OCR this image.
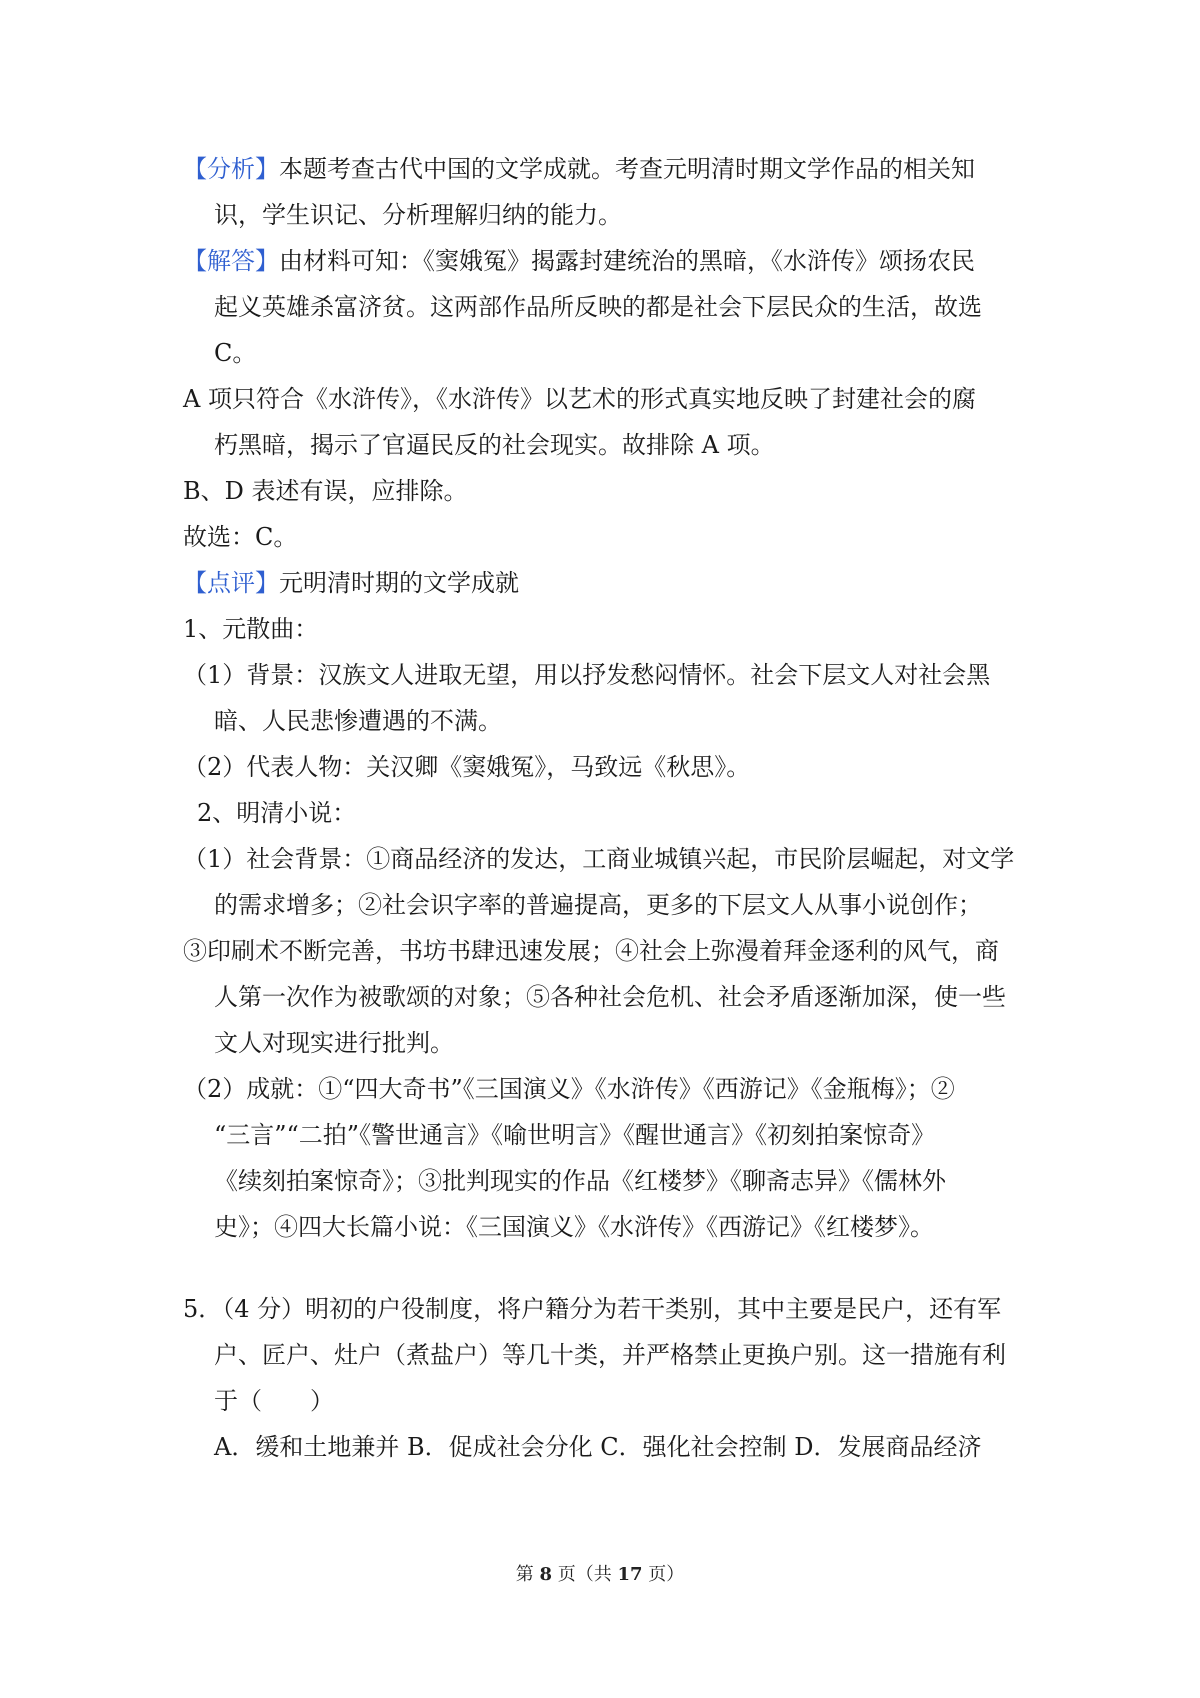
【分析】本题考查古代中国的文学成就。考查元明清时期文学作品的相关知
识，学生识记、分析理解归纳的能力。
【解答】由材料可知：《窦娥冤》揭露封建统治的黑暗，《水浒传》颂扬农民
起义英雄杀富济贫。这两部作品所反映的都是社会下层民众的生活，故选
C。
A 项只符合《水浒传》，《水浒传》以艺术的形式真实地反映了封建社会的腐
朽黑暗，揭示了官逼民反的社会现实。故排除 A 项。
B、D 表述有误，应排除。
故选：C。
【点评】元明清时期的文学成就
1、元散曲：
（1）背景：汉族文人进取无望，用以抒发愁闷情怀。社会下层文人对社会黑
暗、人民悲惨遭遇的不满。
（2）代表人物：关汉卿《窦娥冤》，马致远《秋思》。
2、明清小说：
（1）社会背景：①商品经济的发达，工商业城镇兴起，市民阶层崛起，对文学
的需求增多；②社会识字率的普遍提高，更多的下层文人从事小说创作；
③印刷术不断完善，书坊书肆迅速发展；④社会上弥漫着拜金逐利的风气，商
人第一次作为被歌颂的对象；⑤各种社会危机、社会矛盾逐渐加深，使一些
文人对现实进行批判。
（2）成就：①“四大奇书”《三国演义》《水浒传》《西游记》《金瓶梅》；②
“三言”“二拍”《警世通言》《喻世明言》《醒世通言》《初刻拍案惊奇》
《续刻拍案惊奇》；③批判现实的作品《红楼梦》《聊斋志异》《儒林外
史》；④四大长篇小说：《三国演义》《水浒传》《西游记》《红楼梦》。
5．（4 分）明初的户役制度，将户籍分为若干类别，其中主要是民户，还有军
户、匠户、灶户（煮盐户）等几十类，并严格禁止更换户别。这一措施有利
于（　　）
A．缓和土地兼并 B．促成社会分化 C．强化社会控制 D．发展商品经济
第 8 页（共 17 页）
